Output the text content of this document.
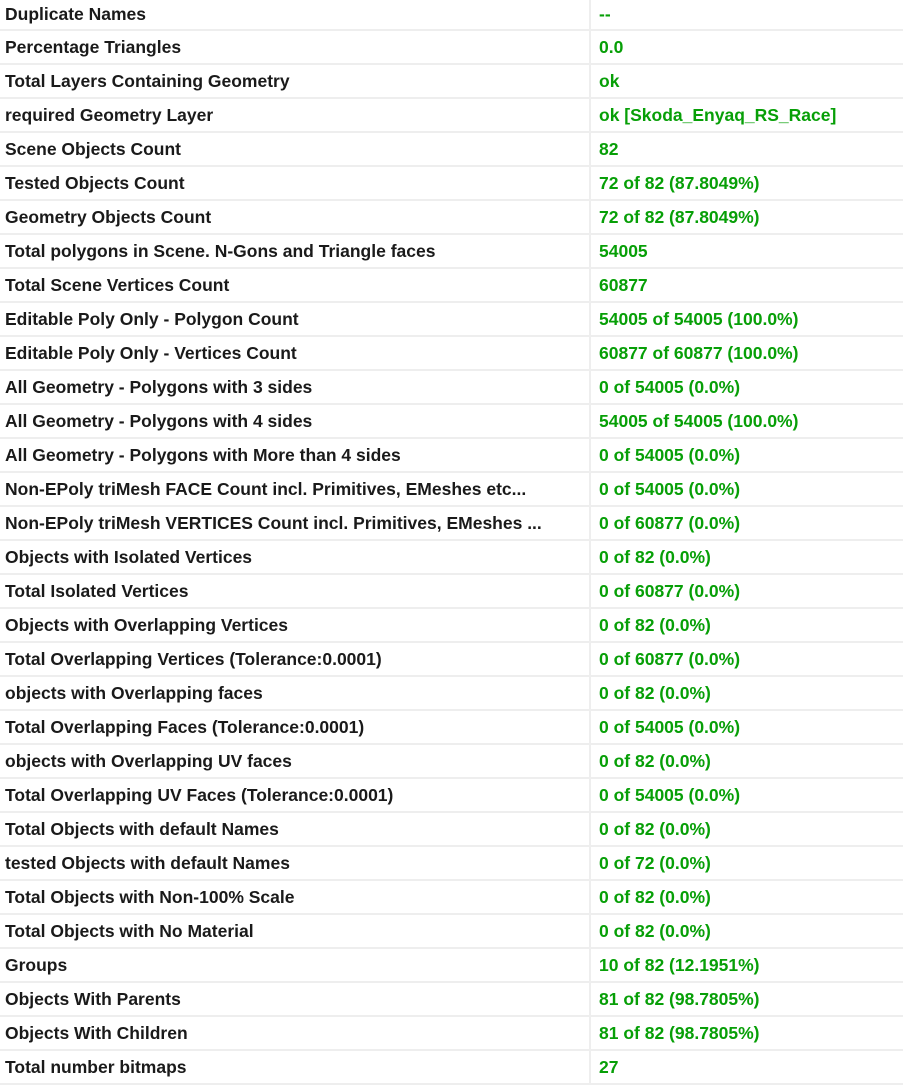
Duplicate Names	--
Percentage Triangles	0.0
Total Layers Containing Geometry	ok
required Geometry Layer	ok [Skoda_Enyaq_RS_Race]
Scene Objects Count	82
Tested Objects Count	72 of 82 (87.8049%)
Geometry Objects Count	72 of 82 (87.8049%)
Total polygons in Scene. N-Gons and Triangle faces	54005
Total Scene Vertices Count	60877
Editable Poly Only - Polygon Count	54005 of 54005 (100.0%)
Editable Poly Only - Vertices Count	60877 of 60877 (100.0%)
All Geometry - Polygons with 3 sides	0 of 54005 (0.0%)
All Geometry - Polygons with 4 sides	54005 of 54005 (100.0%)
All Geometry - Polygons with More than 4 sides	0 of 54005 (0.0%)
Non-EPoly triMesh FACE Count incl. Primitives, EMeshes etc...	0 of 54005 (0.0%)
Non-EPoly triMesh VERTICES Count incl. Primitives, EMeshes ...	0 of 60877 (0.0%)
Objects with Isolated Vertices	0 of 82 (0.0%)
Total Isolated Vertices	0 of 60877 (0.0%)
Objects with Overlapping Vertices	0 of 82 (0.0%)
Total Overlapping Vertices (Tolerance:0.0001)	0 of 60877 (0.0%)
objects with Overlapping faces	0 of 82 (0.0%)
Total Overlapping Faces (Tolerance:0.0001)	0 of 54005 (0.0%)
objects with Overlapping UV faces	0 of 82 (0.0%)
Total Overlapping UV Faces (Tolerance:0.0001)	0 of 54005 (0.0%)
Total Objects with default Names	0 of 82 (0.0%)
tested Objects with default Names	0 of 72 (0.0%)
Total Objects with Non-100% Scale	0 of 82 (0.0%)
Total Objects with No Material	0 of 82 (0.0%)
Groups	10 of 82 (12.1951%)
Objects With Parents	81 of 82 (98.7805%)
Objects With Children	81 of 82 (98.7805%)
Total number bitmaps	27
